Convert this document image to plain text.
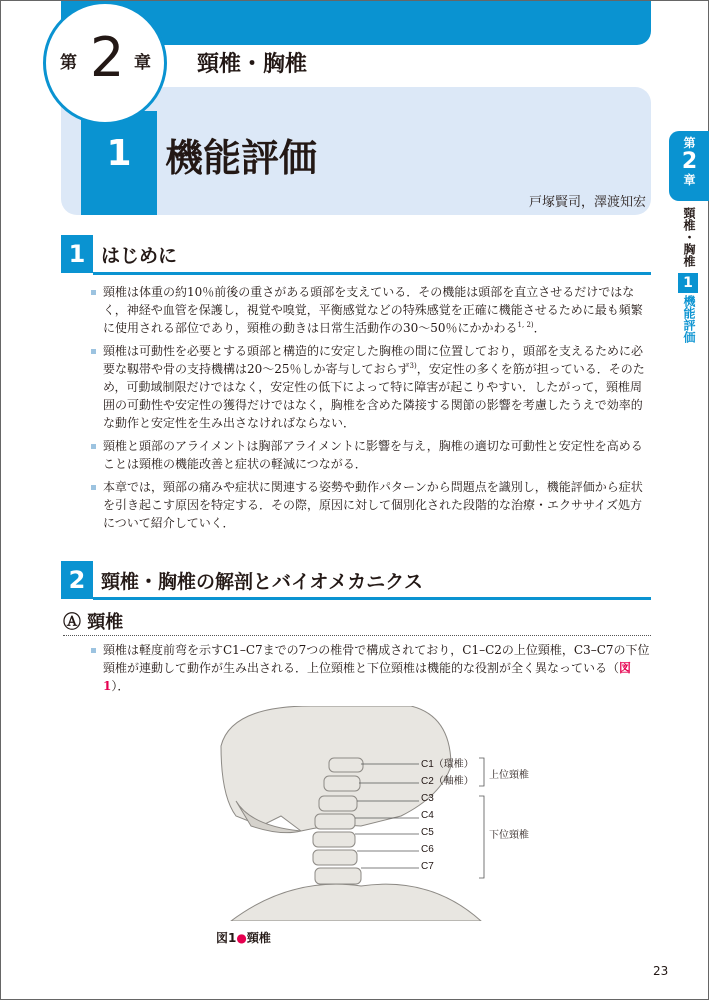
第 2 章 頸椎・胸椎
1 機能評価
戸塚賢司，澤渡知宏
第
2
章
頸椎・胸椎
1
機能評価
1 はじめに
頸椎は体重の約10％前後の重さがある頭部を支えている．その機能は頭部を直立させるだけではなく，神経や血管を保護し，視覚や嗅覚，平衡感覚などの特殊感覚を正確に機能させるために最も頻繁に使用される部位であり，頸椎の動きは日常生活動作の30〜50％にかかわる$^{1, 2)}$．
頸椎は可動性を必要とする頭部と構造的に安定した胸椎の間に位置しており，頭部を支えるために必要な靱帯や骨の支持機構は20〜25％しか寄与しておらず$^{3)}$，安定性の多くを筋が担っている．そのため，可動域制限だけではなく，安定性の低下によって特に障害が起こりやすい．したがって，頸椎周囲の可動性や安定性の獲得だけではなく，胸椎を含めた隣接する関節の影響を考慮したうえで効率的な動作と安定性を生み出さなければならない．
頸椎と頭部のアライメントは胸部アライメントに影響を与え，胸椎の適切な可動性と安定性を高めることは頸椎の機能改善と症状の軽減につながる．
本章では，頸部の痛みや症状に関連する姿勢や動作パターンから問題点を識別し，機能評価から症状を引き起こす原因を特定する．その際，原因に対して個別化された段階的な治療・エクササイズ処方について紹介していく．
2 頸椎・胸椎の解剖とバイオメカニクス
Ⓐ 頸椎
頸椎は軽度前弯を示すC1–C7までの7つの椎骨で構成されており，C1–C2の上位頸椎，C3–C7の下位頸椎が連動して動作が生み出される．上位頸椎と下位頸椎は機能的な役割が全く異なっている（図1）．
C1（環椎）
C2（軸椎）
C3
C4
C5
C6
C7
上位頸椎
下位頸椎
図1●頸椎
23
